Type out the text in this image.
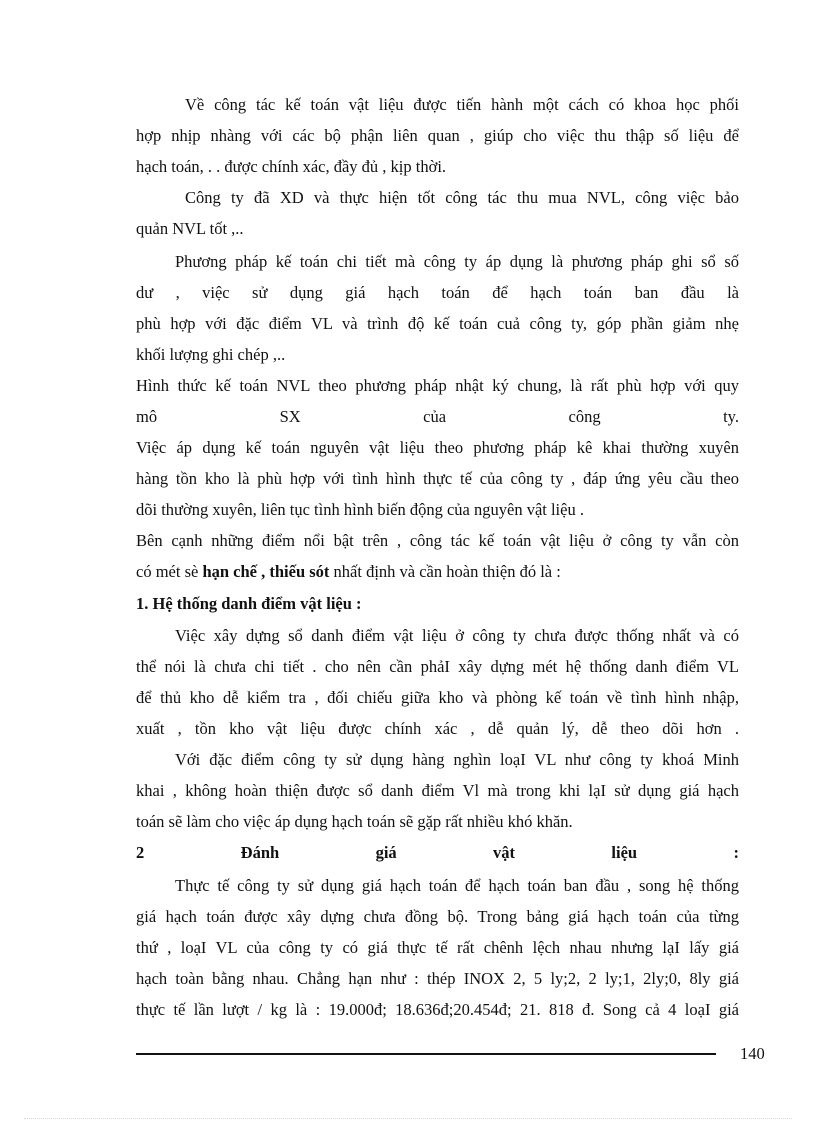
Về công tác kế toán vật liệu được tiến hành một cách có khoa học phối
hợp nhịp nhàng với các bộ phận liên quan , giúp cho việc thu thập số liệu để
hạch toán, . . được chính xác, đầy đủ , kịp thời.
Công ty đã XD và thực hiện tốt công tác thu mua NVL, công việc bảo
quản NVL tốt ,..
Phương pháp kế toán chi tiết mà công ty áp dụng là phương pháp ghi sổ số
dư , việc sử dụng giá hạch toán để hạch toán ban đầu là
phù hợp với đặc điểm VL và trình độ kế toán cuả công ty, góp phần giảm nhẹ
khối lượng ghi chép ,..
Hình thức kế toán NVL theo phương pháp nhật ký chung, là rất phù hợp với quy
mô SX của công ty.
Việc áp dụng kế toán nguyên vật liệu theo phương pháp kê khai thường xuyên
hàng tồn kho là phù hợp với tình hình thực tế của công ty , đáp ứng yêu cầu theo
dõi thường xuyên, liên tục tình hình biến động của nguyên vật liệu .
Bên cạnh những điểm nổi bật trên , công tác kế toán vật liệu ở công ty vẫn còn
có mét sè hạn chế , thiếu sót nhất định và cần hoàn thiện đó là :
1. Hệ thống danh điểm vật liệu :
Việc xây dựng sổ danh điểm vật liệu ở công ty chưa được thống nhất và có
thể nói là chưa chi tiết . cho nên cần phảI xây dựng mét hệ thống danh điểm VL
để thủ kho dễ kiểm tra , đối chiếu giữa kho và phòng kế toán về tình hình nhập,
xuất , tồn kho vật liệu được chính xác , dễ quản lý, dễ theo dõi hơn .
Với đặc điểm công ty sử dụng hàng nghìn loạI VL như công ty khoá Minh
khai , không hoàn thiện được sổ danh điểm Vl mà trong khi lạI sử dụng giá hạch
toán sẽ làm cho việc áp dụng hạch toán sẽ gặp rất nhiều khó khăn.
2 Đánh giá vật liệu :
Thực tế công ty sử dụng giá hạch toán để hạch toán ban đầu , song hệ thống
giá hạch toán được xây dựng chưa đồng bộ. Trong bảng giá hạch toán của từng
thứ , loạI VL của công ty có giá thực tế rất chênh lệch nhau nhưng lạI lấy giá
hạch toàn bằng nhau. Chẳng hạn như : thép INOX 2, 5 ly;2, 2 ly;1, 2ly;0, 8ly giá
thực tế lần lượt / kg là : 19.000đ; 18.636đ;20.454đ; 21. 818 đ. Song cả 4 loạI giá
140
